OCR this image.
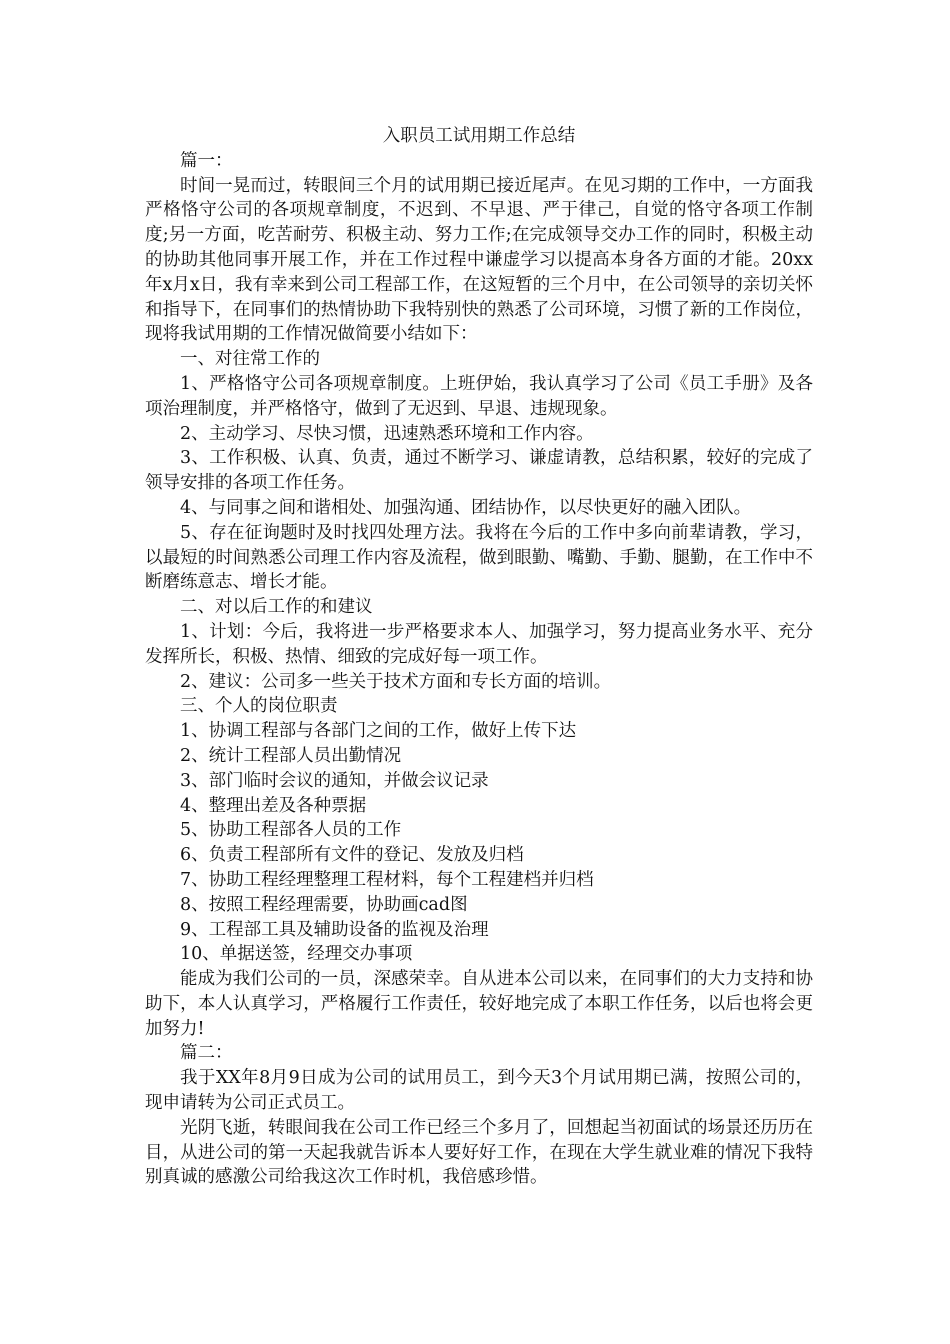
入职员工试用期工作总结

篇一：

时间一晃而过，转眼间三个月的试用期已接近尾声。在见习期的工作中，一方面我严格恪守公司的各项规章制度，不迟到、不早退、严于律己，自觉的恪守各项工作制度;另一方面，吃苦耐劳、积极主动、努力工作;在完成领导交办工作的同时，积极主动的协助其他同事开展工作，并在工作过程中谦虚学习以提高本身各方面的才能。20xx年x月x日，我有幸来到公司工程部工作，在这短暂的三个月中，在公司领导的亲切关怀和指导下，在同事们的热情协助下我特别快的熟悉了公司环境，习惯了新的工作岗位，现将我试用期的工作情况做简要小结如下：

一、对往常工作的

1、严格恪守公司各项规章制度。上班伊始，我认真学习了公司《员工手册》及各项治理制度，并严格恪守，做到了无迟到、早退、违规现象。

2、主动学习、尽快习惯，迅速熟悉环境和工作内容。

3、工作积极、认真、负责，通过不断学习、谦虚请教，总结积累，较好的完成了领导安排的各项工作任务。

4、与同事之间和谐相处、加强沟通、团结协作，以尽快更好的融入团队。

5、存在征询题时及时找四处理方法。我将在今后的工作中多向前辈请教，学习，以最短的时间熟悉公司理工作内容及流程，做到眼勤、嘴勤、手勤、腿勤，在工作中不断磨练意志、增长才能。

二、对以后工作的和建议

1、计划：今后，我将进一步严格要求本人、加强学习，努力提高业务水平、充分发挥所长，积极、热情、细致的完成好每一项工作。

2、建议：公司多一些关于技术方面和专长方面的培训。

三、个人的岗位职责

1、协调工程部与各部门之间的工作，做好上传下达

2、统计工程部人员出勤情况

3、部门临时会议的通知，并做会议记录

4、整理出差及各种票据

5、协助工程部各人员的工作

6、负责工程部所有文件的登记、发放及归档

7、协助工程经理整理工程材料，每个工程建档并归档

8、按照工程经理需要，协助画cad图

9、工程部工具及辅助设备的监视及治理

10、单据送签，经理交办事项

能成为我们公司的一员，深感荣幸。自从进本公司以来，在同事们的大力支持和协助下，本人认真学习，严格履行工作责任，较好地完成了本职工作任务，以后也将会更加努力!

篇二：

我于XX年8月9日成为公司的试用员工，到今天3个月试用期已满，按照公司的，现申请转为公司正式员工。

光阴飞逝，转眼间我在公司工作已经三个多月了，回想起当初面试的场景还历历在目，从进公司的第一天起我就告诉本人要好好工作，在现在大学生就业难的情况下我特别真诚的感激公司给我这次工作时机，我倍感珍惜。
